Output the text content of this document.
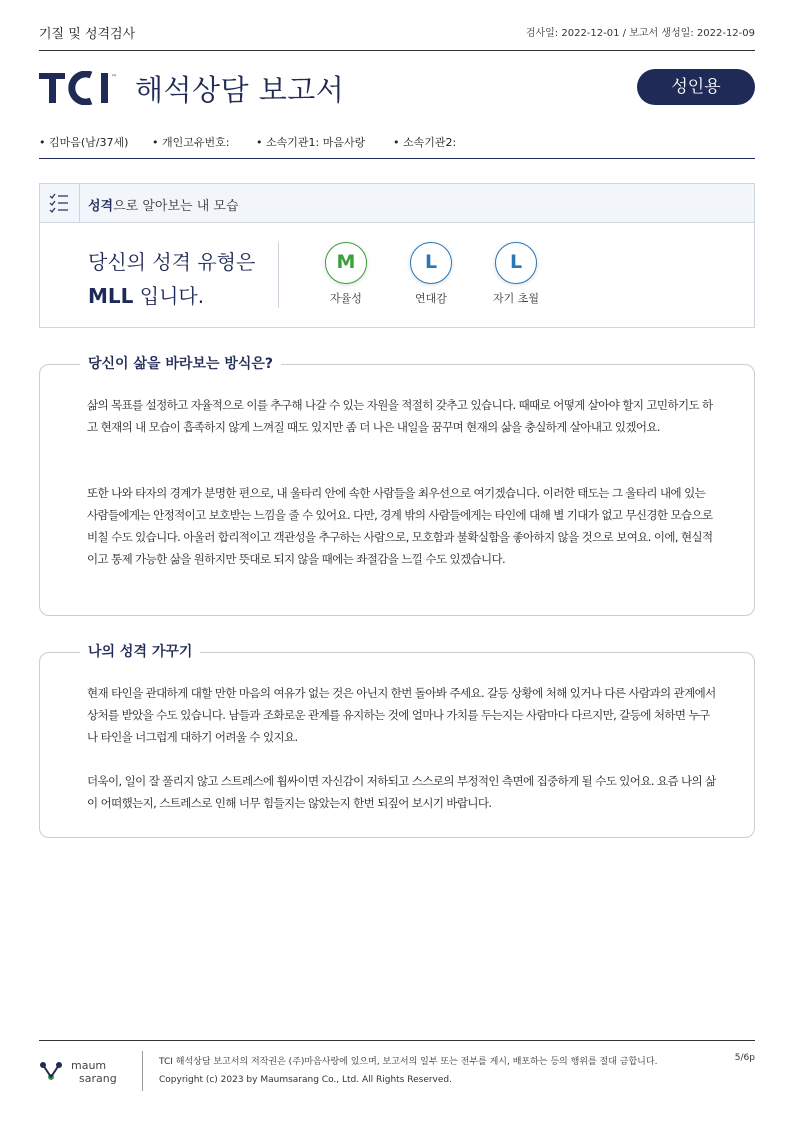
기질 및 성격검사	검사일: 2022-12-01 / 보고서 생성일: 2022-12-09
™ 해석상담 보고서	성인용
• 김마음(남/37세)	• 개인고유번호:	• 소속기관1: 마음사랑	• 소속기관2:
성격으로 알아보는 내 모습
당신의 성격 유형은
MLL 입니다.
M
자율성
L
연대감
L
자기 초월
당신이 삶을 바라보는 방식은?

삶의 목표를 설정하고 자율적으로 이를 추구해 나갈 수 있는 자원을 적절히 갖추고 있습니다. 때때로 어떻게 살아야 할지 고민하기도 하고 현재의 내 모습이 흡족하지 않게 느껴질 때도 있지만 좀 더 나은 내일을 꿈꾸며 현재의 삶을 충실하게 살아내고 있겠어요.

또한 나와 타자의 경계가 분명한 편으로, 내 울타리 안에 속한 사람들을 최우선으로 여기겠습니다. 이러한 태도는 그 울타리 내에 있는 사람들에게는 안정적이고 보호받는 느낌을 줄 수 있어요. 다만, 경계 밖의 사람들에게는 타인에 대해 별 기대가 없고 무신경한 모습으로 비칠 수도 있습니다. 아울러 합리적이고 객관성을 추구하는 사람으로, 모호함과 불확실함을 좋아하지 않을 것으로 보여요. 이에, 현실적이고 통제 가능한 삶을 원하지만 뜻대로 되지 않을 때에는 좌절감을 느낄 수도 있겠습니다.

나의 성격 가꾸기

현재 타인을 관대하게 대할 만한 마음의 여유가 없는 것은 아닌지 한번 돌아봐 주세요. 갈등 상황에 처해 있거나 다른 사람과의 관계에서 상처를 받았을 수도 있습니다. 남들과 조화로운 관계를 유지하는 것에 얼마나 가치를 두는지는 사람마다 다르지만, 갈등에 처하면 누구나 타인을 너그럽게 대하기 어려울 수 있지요.

더욱이, 일이 잘 풀리지 않고 스트레스에 휩싸이면 자신감이 저하되고 스스로의 부정적인 측면에 집중하게 될 수도 있어요. 요즘 나의 삶이 어떠했는지, 스트레스로 인해 너무 힘들지는 않았는지 한번 되짚어 보시기 바랍니다.

maum
sarang
TCI 해석상담 보고서의 저작권은 (주)마음사랑에 있으며, 보고서의 일부 또는 전부를 게시, 배포하는 등의 행위를 절대 금합니다.
Copyright (c) 2023 by Maumsarang Co., Ltd. All Rights Reserved.
5/6p
